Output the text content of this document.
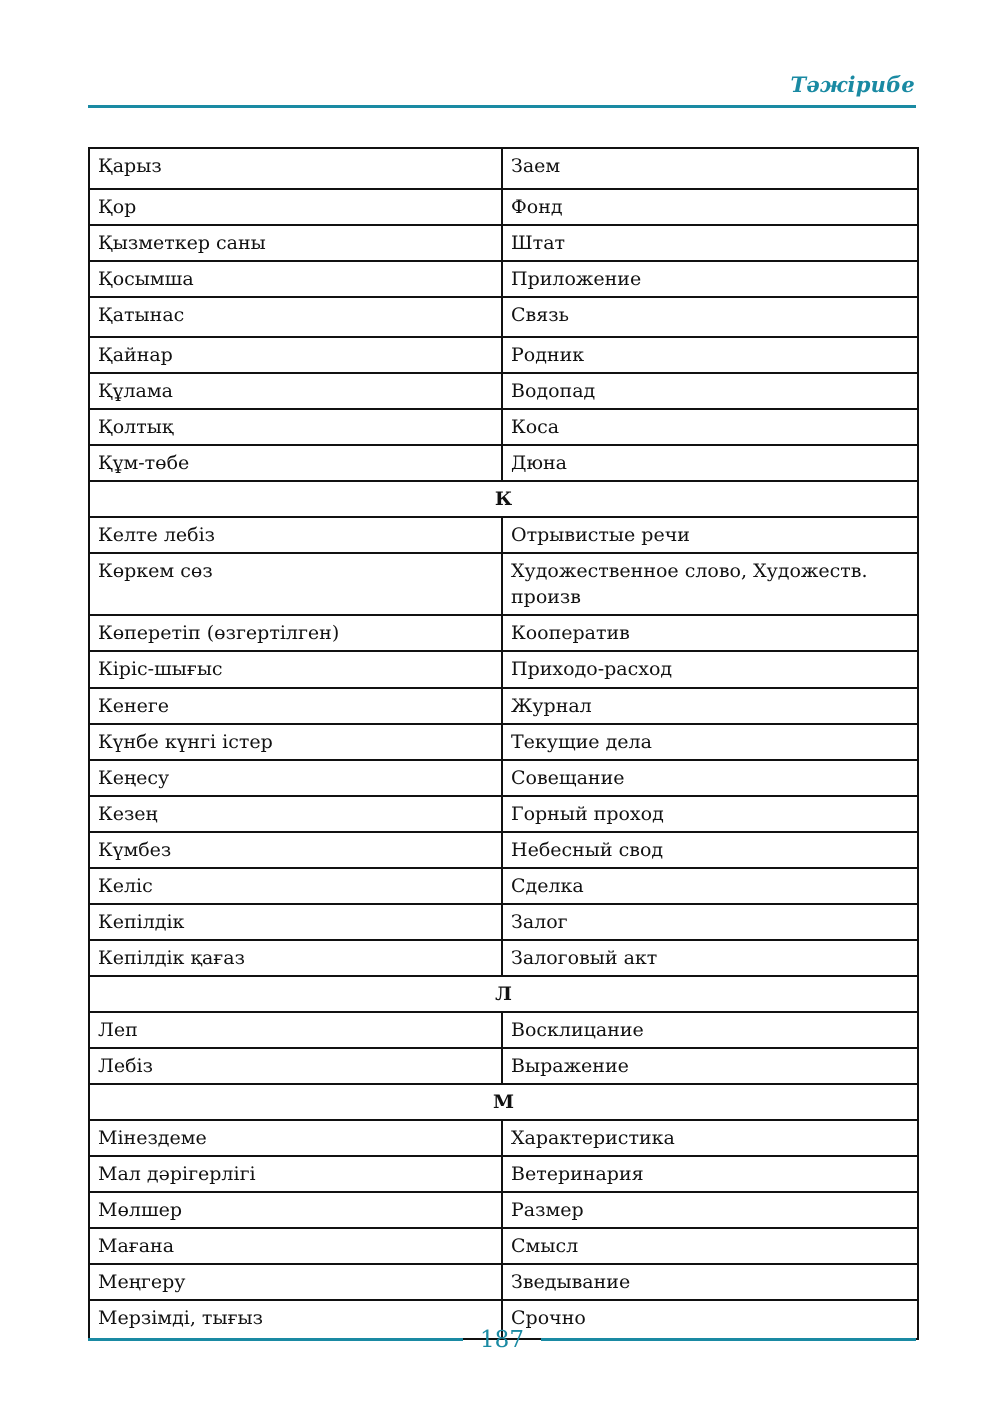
Тәжірибе
Қарыз	Заем
Қор	Фонд
Қызметкер саны	Штат
Қосымша	Приложение
Қатынас	Связь
Қайнар	Родник
Құлама	Водопад
Қолтық	Коса
Құм-төбе	Дюна
К	
Келте лебіз	Отрывистые речи
Көркем сөз	Художественное слово, Художеств. произв
Көперетіп (өзгертілген)	Кооператив
Кіріс-шығыс	Приходо-расход
Кенеге	Журнал
Күнбе күнгі істер	Текущие дела
Кеңесу	Совещание
Кезең	Горный проход
Күмбез	Небесный свод
Келіс	Сделка
Кепілдік	Залог
Кепілдік қағаз	Залоговый акт
Л	
Леп	Восклицание
Лебіз	Выражение
М	
Мінездеме	Характеристика
Мал дәрігерлігі	Ветеринария
Мөлшер	Размер
Мағана	Смысл
Меңгеру	Зведывание
Мерзімді, тығыз	Срочно
187
